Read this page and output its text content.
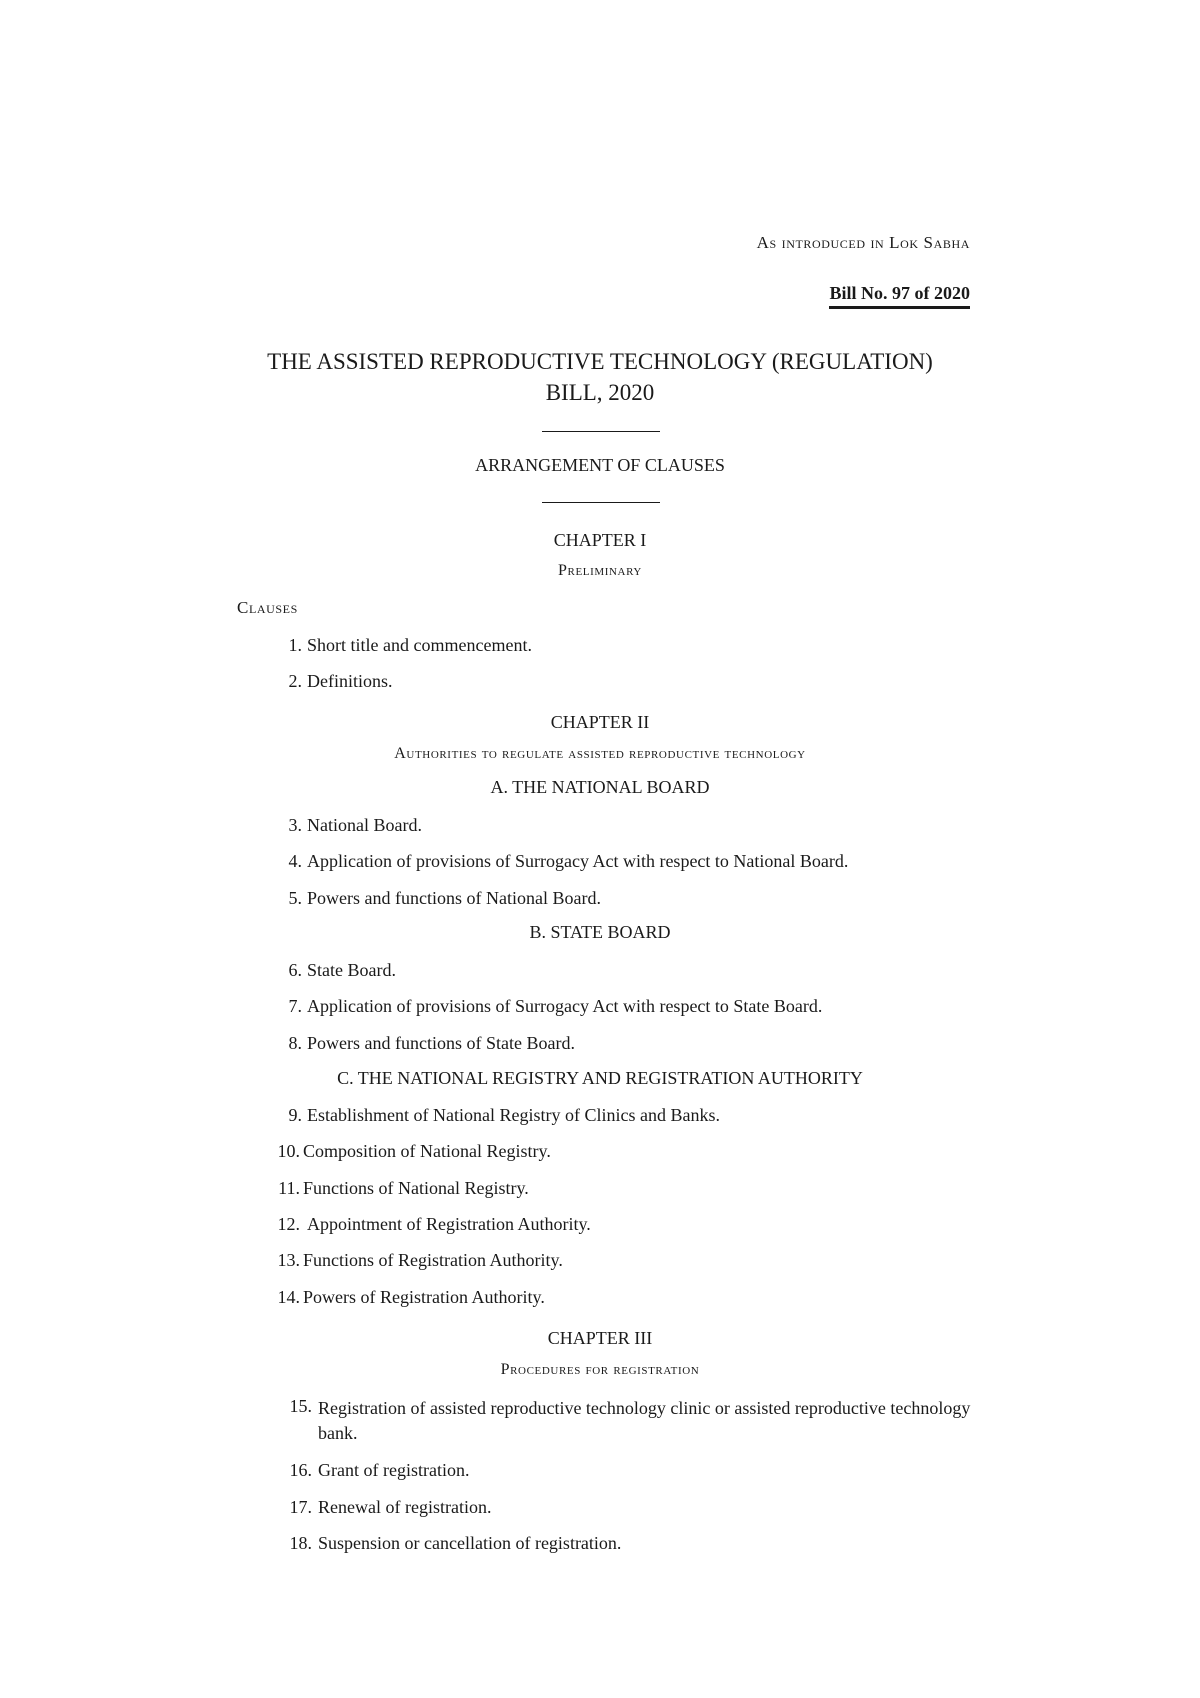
As introduced in Lok Sabha
Bill No. 97 of 2020
THE ASSISTED REPRODUCTIVE TECHNOLOGY (REGULATION)
BILL, 2020
ARRANGEMENT OF CLAUSES
CHAPTER I
Preliminary
Clauses
1. Short title and commencement.
2. Definitions.
CHAPTER II
Authorities to regulate assisted reproductive technology
A. THE NATIONAL BOARD
3. National Board.
4. Application of provisions of Surrogacy Act with respect to National Board.
5. Powers and functions of National Board.
B. STATE BOARD
6. State Board.
7. Application of provisions of Surrogacy Act with respect to State Board.
8. Powers and functions of State Board.
C. THE NATIONAL REGISTRY AND REGISTRATION AUTHORITY
9. Establishment of National Registry of Clinics and Banks.
10. Composition of National Registry.
11. Functions of National Registry.
12. Appointment of Registration Authority.
13. Functions of Registration Authority.
14. Powers of Registration Authority.
CHAPTER III
Procedures for registration
15. Registration of assisted reproductive technology clinic or assisted reproductive technology bank.
16. Grant of registration.
17. Renewal of registration.
18. Suspension or cancellation of registration.
